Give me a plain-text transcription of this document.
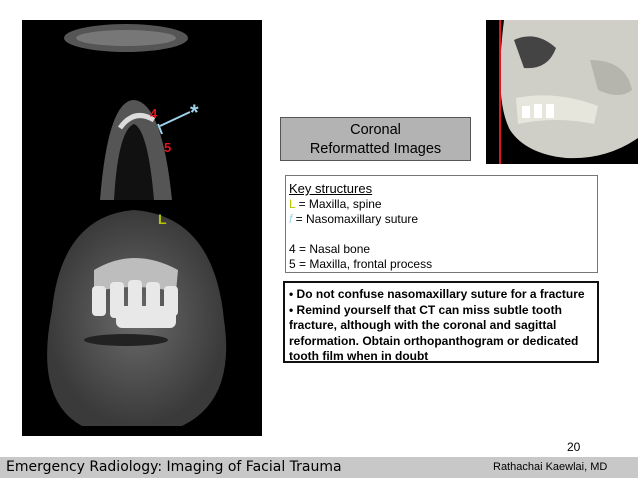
4
5
L
*
Coronal
Reformatted Images
Key structures
L = Maxilla, spine
f = Nasomaxillary suture
4 = Nasal bone
5 = Maxilla, frontal process
• Do not confuse nasomaxillary suture for a fracture
• Remind yourself that CT can miss subtle tooth fracture, although with the coronal and sagittal reformation. Obtain orthopanthogram or dedicated tooth film when in doubt
20
Emergency Radiology: Imaging of Facial Trauma	Rathachai Kaewlai, MD
